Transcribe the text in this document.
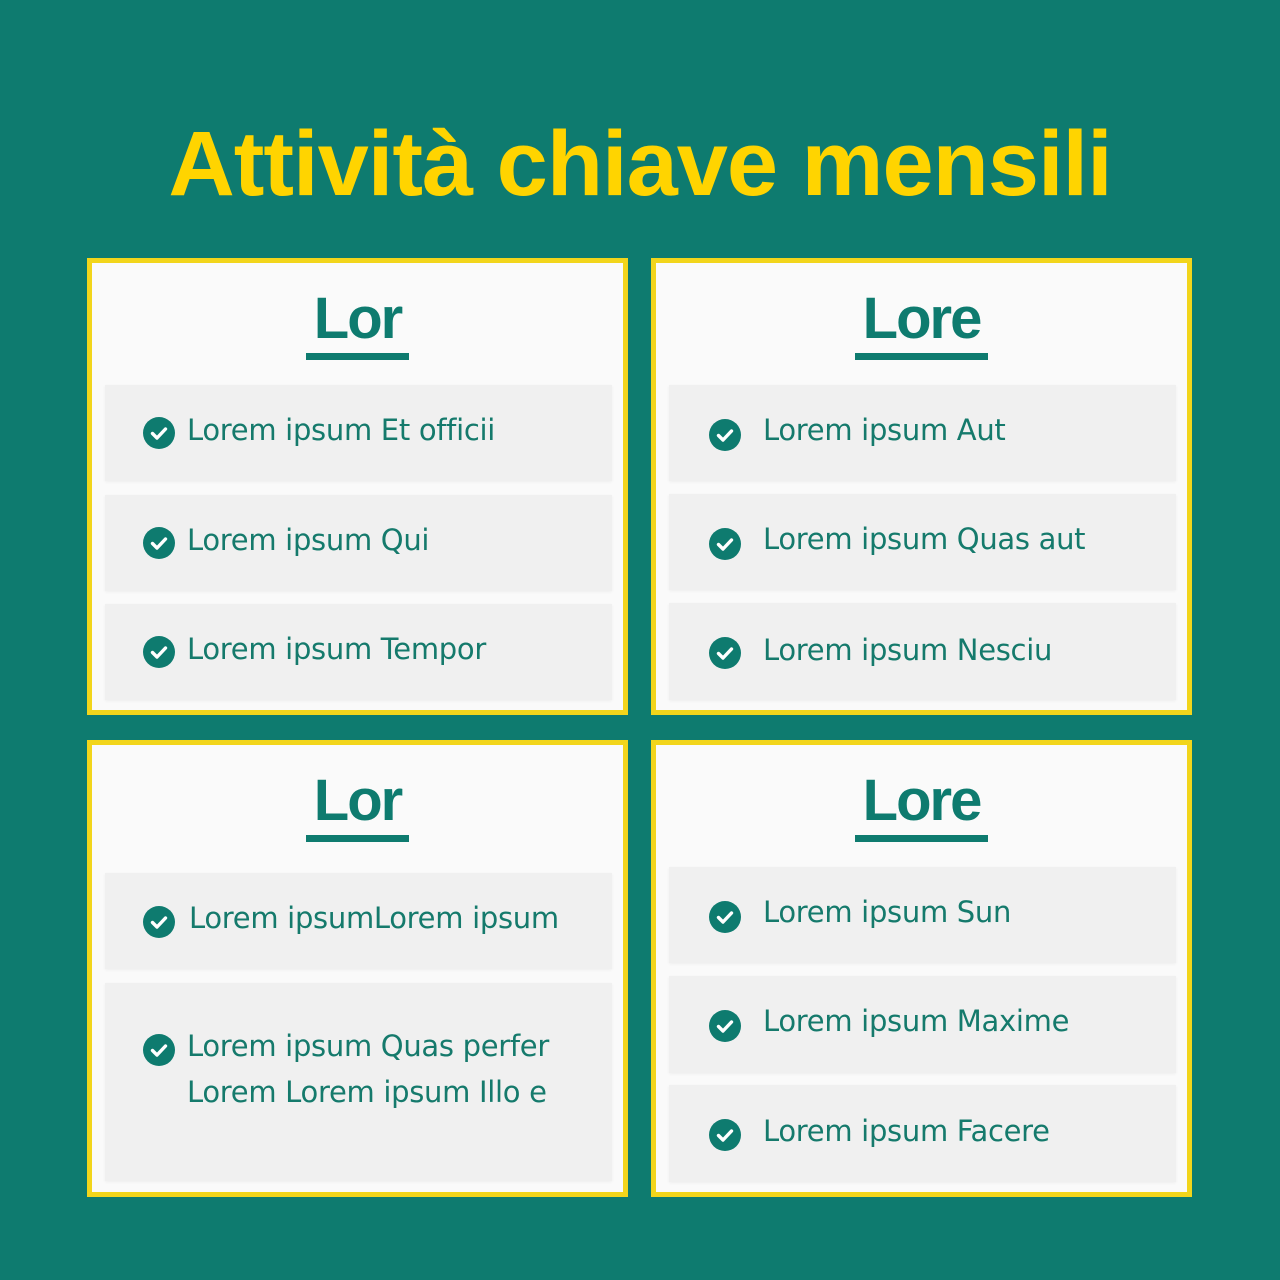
Attività chiave mensili
Lor
Lorem ipsum Et officii
Lorem ipsum Qui
Lorem ipsum Tempor
Lore
Lorem ipsum Aut
Lorem ipsum Quas aut
Lorem ipsum Nesciu
Lor
Lorem ipsumLorem ipsum
Lorem ipsum Quas perfer
Lorem Lorem ipsum Illo e
Lore
Lorem ipsum Sun
Lorem ipsum Maxime
Lorem ipsum Facere
